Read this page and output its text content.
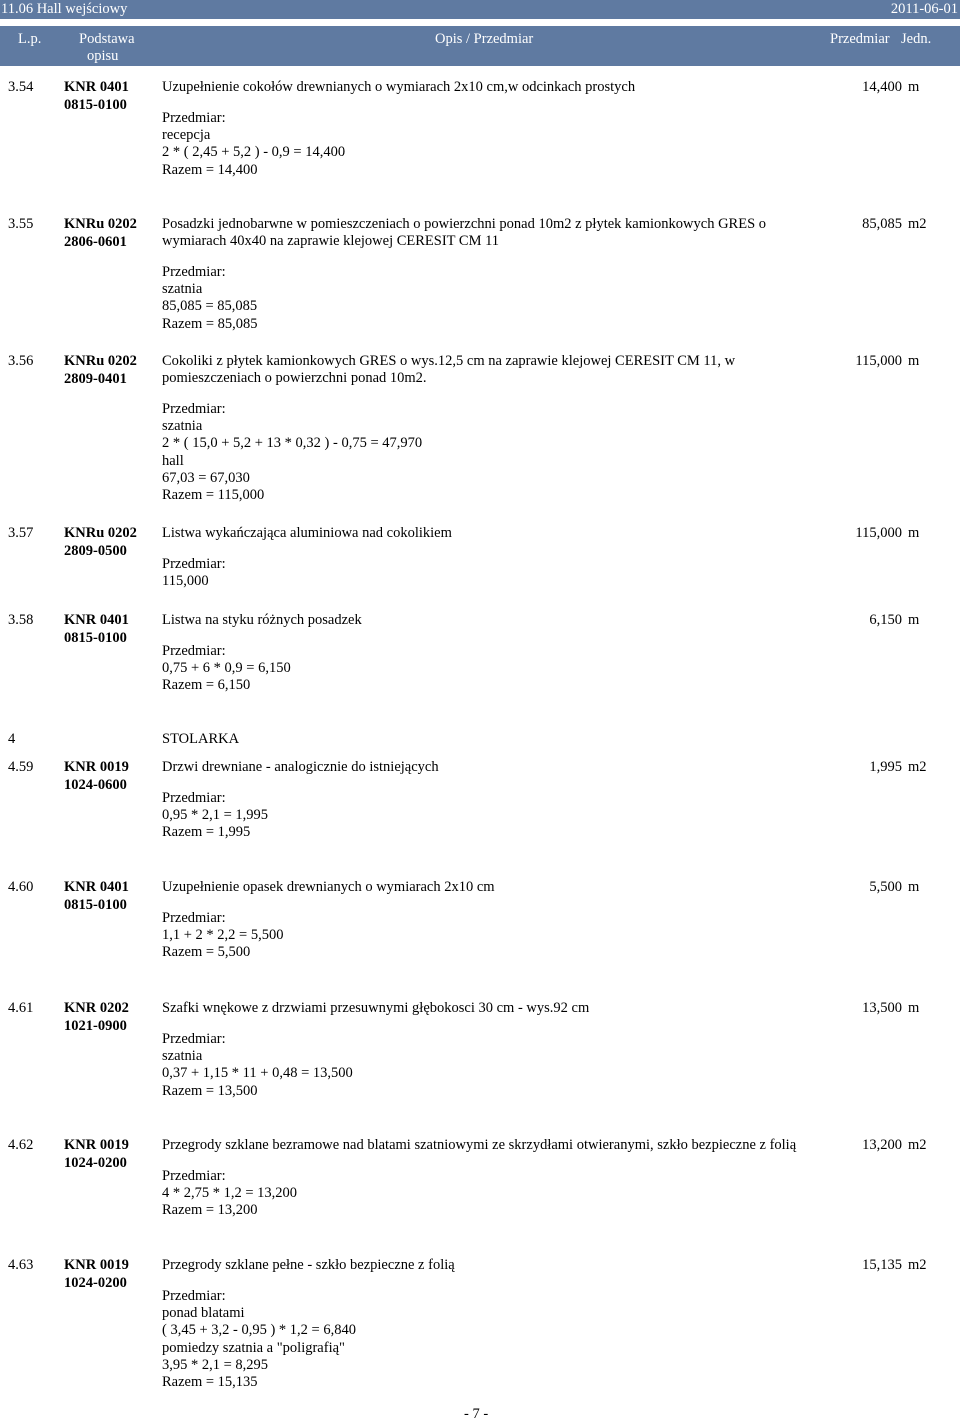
11.06 Hall wejściowy	2011-06-01
L.p.	Podstawa
opisu
Opis / Przedmiar	Przedmiar Jedn.
3.54 KNR 0401
0815-0100
Uzupełnienie cokołów drewnianych o wymiarach 2x10 cm,w odcinkach prostych
Przedmiar:
recepcja
2 * ( 2,45 + 5,2 ) - 0,9 = 14,400
Razem = 14,400
14,400 m
3.55 KNRu 0202
2806-0601
Posadzki jednobarwne w pomieszczeniach o powierzchni ponad 10m2 z płytek kamionkowych GRES o wymiarach 40x40 na zaprawie klejowej CERESIT CM 11
Przedmiar:
szatnia
85,085 = 85,085
Razem = 85,085
85,085 m2
3.56 KNRu 0202
2809-0401
Cokoliki z płytek kamionkowych GRES o wys.12,5 cm na zaprawie klejowej CERESIT CM 11, w pomieszczeniach o powierzchni ponad 10m2.
Przedmiar:
szatnia
2 * ( 15,0 + 5,2 + 13 * 0,32 ) - 0,75 = 47,970
hall
67,03 = 67,030
Razem = 115,000
115,000 m
3.57 KNRu 0202
2809-0500
Listwa wykańczająca aluminiowa nad cokolikiem
Przedmiar:
115,000
115,000 m
3.58 KNR 0401
0815-0100
Listwa na styku różnych posadzek
Przedmiar:
0,75 + 6 * 0,9 = 6,150
Razem = 6,150
6,150 m
4	STOLARKA
4.59 KNR 0019
1024-0600
Drzwi drewniane - analogicznie do istniejących
Przedmiar:
0,95 * 2,1 = 1,995
Razem = 1,995
1,995 m2
4.60 KNR 0401
0815-0100
Uzupełnienie opasek drewnianych o wymiarach 2x10 cm
Przedmiar:
1,1 + 2 * 2,2 = 5,500
Razem = 5,500
5,500 m
4.61 KNR 0202
1021-0900
Szafki wnękowe z drzwiami przesuwnymi głębokosci 30 cm - wys.92 cm
Przedmiar:
szatnia
0,37 + 1,15 * 11 + 0,48 = 13,500
Razem = 13,500
13,500 m
4.62 KNR 0019
1024-0200
Przegrody szklane bezramowe nad blatami szatniowymi ze skrzydłami otwieranymi, szkło bezpieczne z folią
Przedmiar:
4 * 2,75 * 1,2 = 13,200
Razem = 13,200
13,200 m2
4.63 KNR 0019
1024-0200
Przegrody szklane pełne - szkło bezpieczne z folią
Przedmiar:
ponad blatami
( 3,45 + 3,2 - 0,95 ) * 1,2 = 6,840
pomiedzy szatnia a "poligrafią"
3,95 * 2,1 = 8,295
Razem = 15,135
15,135 m2
- 7 -
